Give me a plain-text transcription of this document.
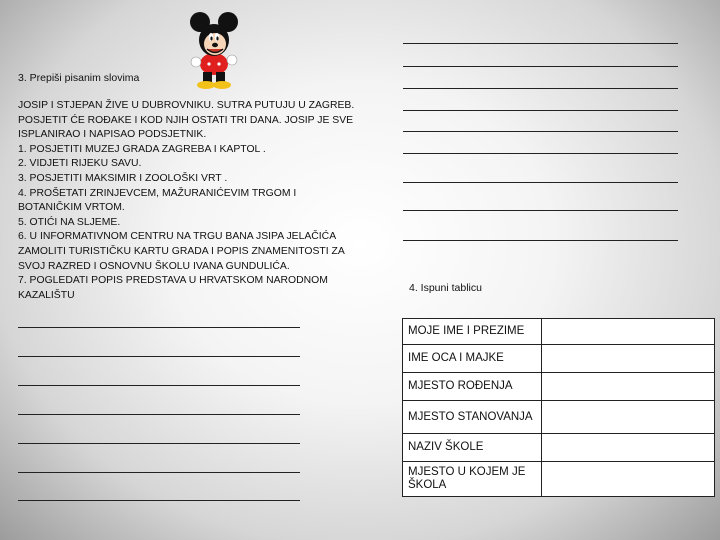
3. Prepiši pisanim slovima
JOSIP I STJEPAN ŽIVE U DUBROVNIKU. SUTRA PUTUJU U ZAGREB.
POSJETIT ĆE ROĐAKE I KOD NJIH OSTATI TRI DANA. JOSIP JE SVE
ISPLANIRAO I NAPISAO PODSJETNIK.
1. POSJETITI MUZEJ GRADA ZAGREBA I KAPTOL .
2. VIDJETI RIJEKU SAVU.
3. POSJETITI MAKSIMIR I ZOOLOŠKI VRT .
4. PROŠETATI ZRINJEVCEM, MAŽURANIĆEVIM TRGOM I
BOTANIČKIM VRTOM.
5. OTIĆI NA SLJEME.
6. U INFORMATIVNOM CENTRU NA TRGU BANA JSIPA JELAČIĆA
ZAMOLITI TURISTIČKU KARTU GRADA I POPIS ZNAMENITOSTI ZA
SVOJ RAZRED I OSNOVNU ŠKOLU IVANA GUNDULIĆA.
7. POGLEDATI POPIS PREDSTAVA U HRVATSKOM NARODNOM
KAZALIŠTU
4. Ispuni tablicu
MOJE IME I PREZIME	
IME OCA I MAJKE	
MJESTO ROĐENJA	
MJESTO STANOVANJA	
NAZIV ŠKOLE	
MJESTO U KOJEM JE ŠKOLA	
